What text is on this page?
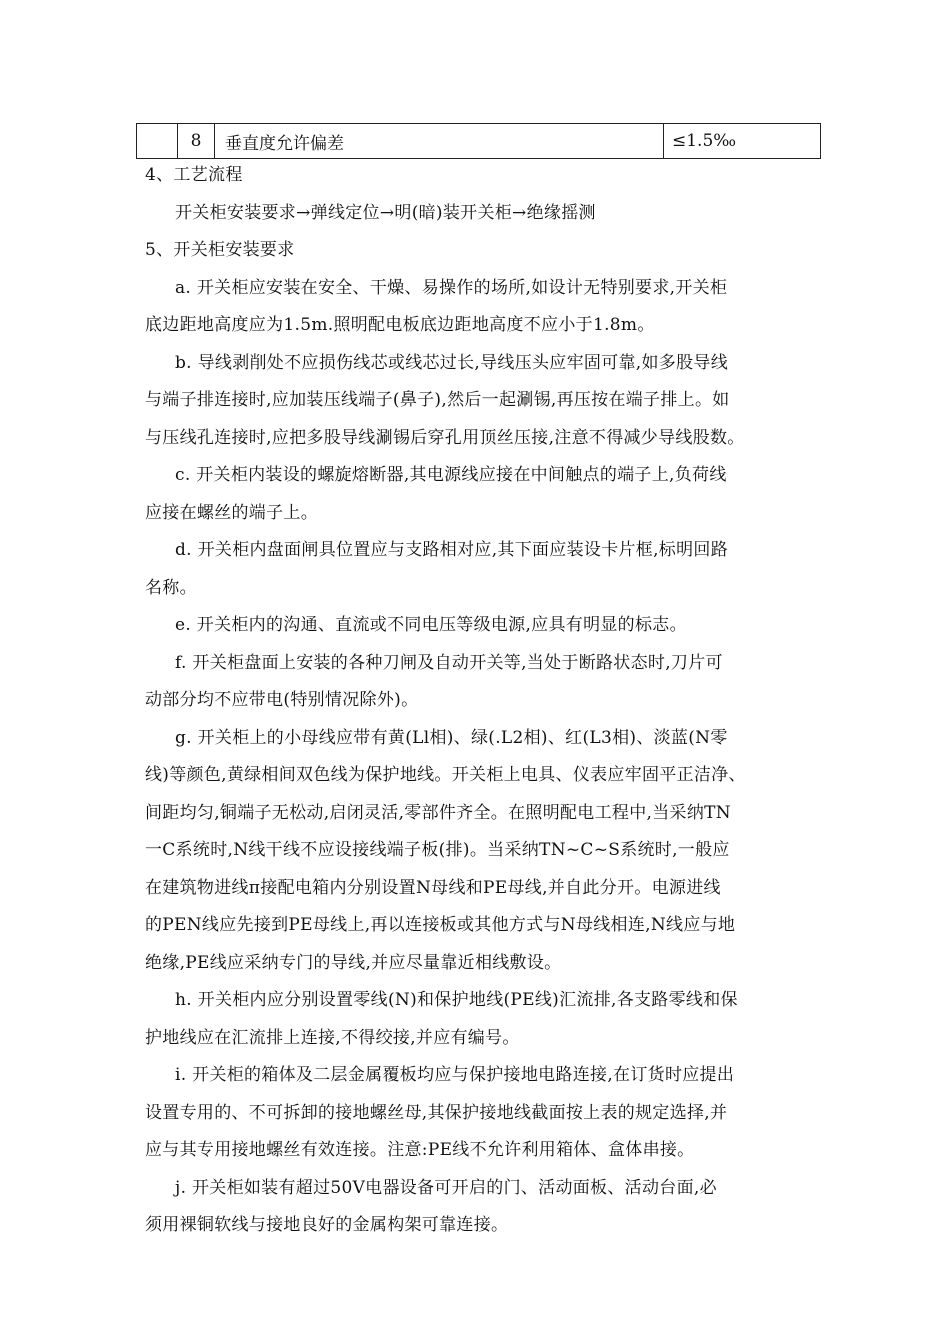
	8	垂直度允许偏差	≤1.5‰
4、工艺流程
开关柜安装要求→弹线定位→明(暗)装开关柜→绝缘摇测
5、开关柜安装要求
a. 开关柜应安装在安全、干燥、易操作的场所,如设计无特别要求,开关柜
底边距地高度应为1.5m.照明配电板底边距地高度不应小于1.8m。
b. 导线剥削处不应损伤线芯或线芯过长,导线压头应牢固可靠,如多股导线
与端子排连接时,应加装压线端子(鼻子),然后一起涮锡,再压按在端子排上。如
与压线孔连接时,应把多股导线涮锡后穿孔用顶丝压接,注意不得减少导线股数。
c. 开关柜内装设的螺旋熔断器,其电源线应接在中间触点的端子上,负荷线
应接在螺丝的端子上。
d. 开关柜内盘面闸具位置应与支路相对应,其下面应装设卡片框,标明回路
名称。
e. 开关柜内的沟通、直流或不同电压等级电源,应具有明显的标志。
f. 开关柜盘面上安装的各种刀闸及自动开关等,当处于断路状态时,刀片可
动部分均不应带电(特别情况除外)。
g. 开关柜上的小母线应带有黄(Ll相)、绿(.L2相)、红(L3相)、淡蓝(N零
线)等颜色,黄绿相间双色线为保护地线。开关柜上电具、仪表应牢固平正洁净、
间距均匀,铜端子无松动,启闭灵活,零部件齐全。在照明配电工程中,当采纳TN
一C系统时,N线干线不应设接线端子板(排)。当采纳TN~C~S系统时,一般应
在建筑物进线π接配电箱内分别设置N母线和PE母线,并自此分开。电源进线
的PEN线应先接到PE母线上,再以连接板或其他方式与N母线相连,N线应与地
绝缘,PE线应采纳专门的导线,并应尽量靠近相线敷设。
h. 开关柜内应分别设置零线(N)和保护地线(PE线)汇流排,各支路零线和保
护地线应在汇流排上连接,不得绞接,并应有编号。
i. 开关柜的箱体及二层金属覆板均应与保护接地电路连接,在订货时应提出
设置专用的、不可拆卸的接地螺丝母,其保护接地线截面按上表的规定选择,并
应与其专用接地螺丝有效连接。注意:PE线不允许利用箱体、盒体串接。
j. 开关柜如装有超过50V电器设备可开启的门、活动面板、活动台面,必
须用裸铜软线与接地良好的金属构架可靠连接。
